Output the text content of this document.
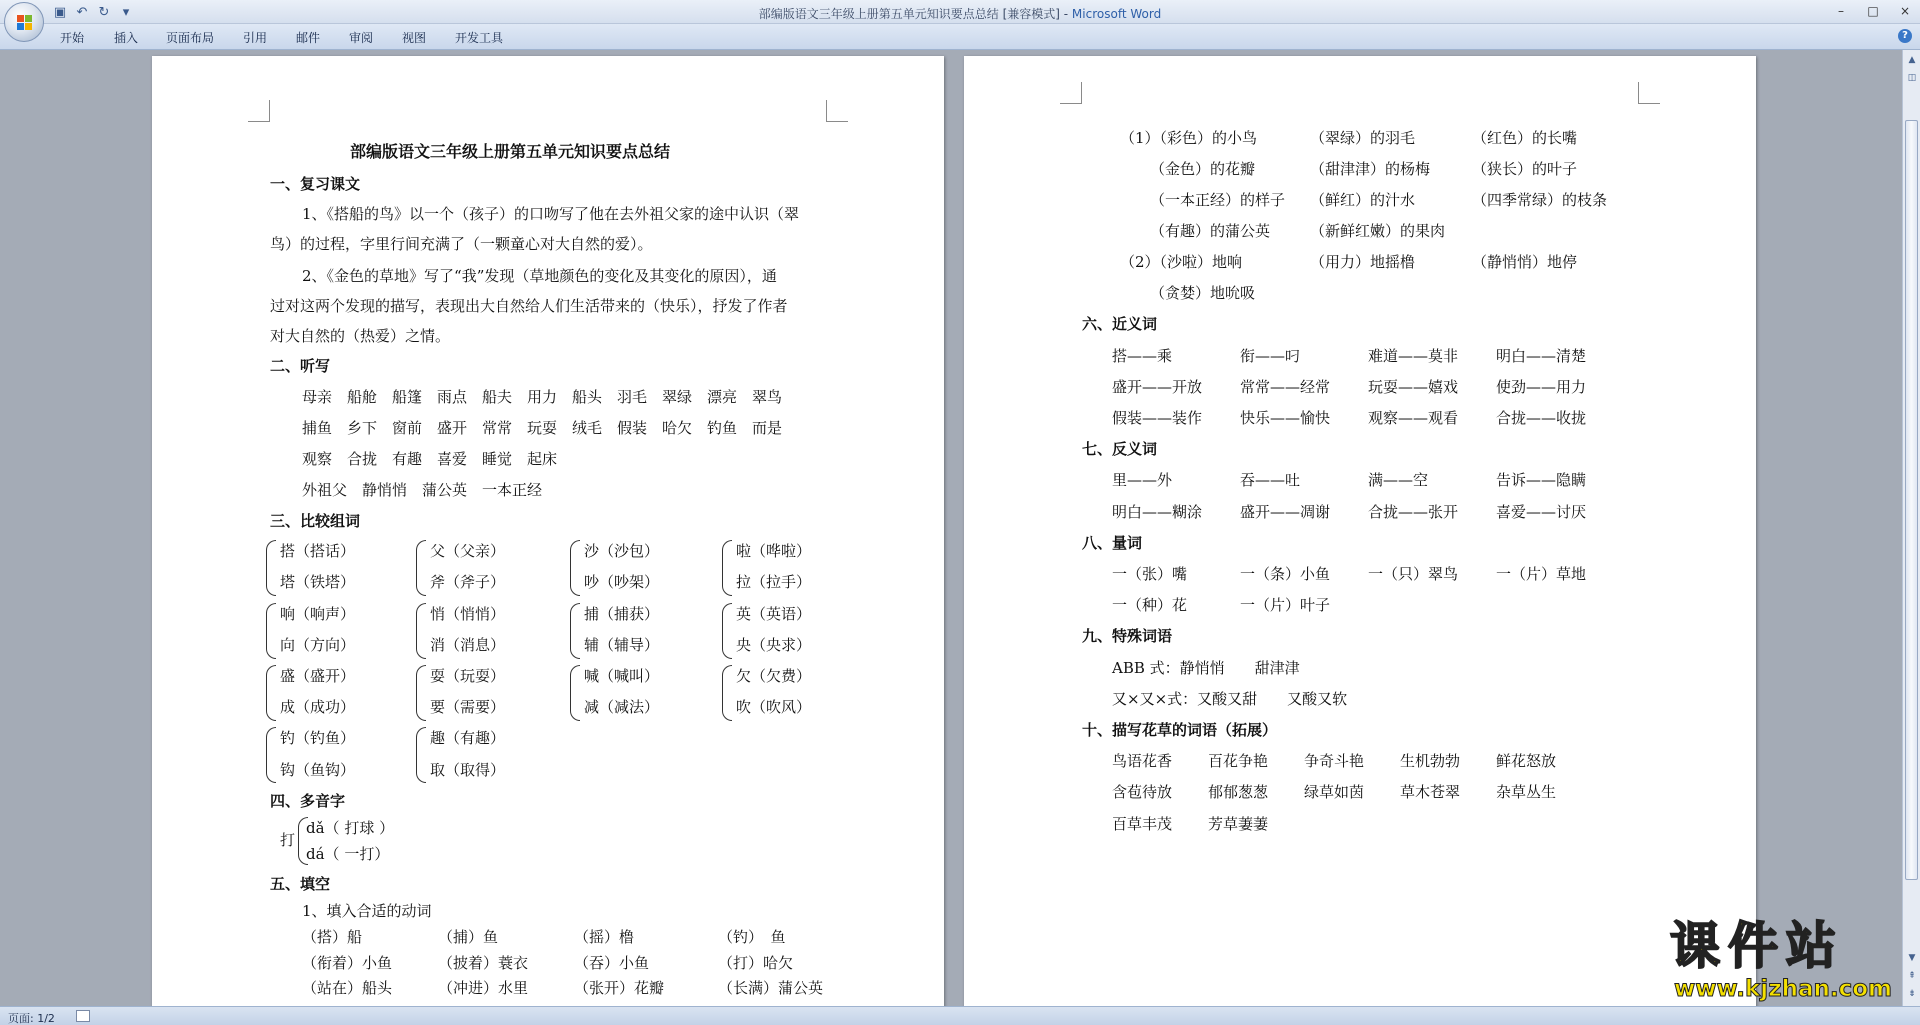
▣ ↶ ↻	▾	部编版语文三年级上册第五单元知识要点总结 [兼容模式] - Microsoft Word	–	□	×
开始 插入 页面布局 引用 邮件 审阅 视图 开发工具	?
部编版语文三年级上册第五单元知识要点总结
一、复习课文
1、《搭船的鸟》以一个（孩子）的口吻写了他在去外祖父家的途中认识（翠
鸟）的过程，字里行间充满了（一颗童心对大自然的爱）。
2、《金色的草地》写了“我”发现（草地颜色的变化及其变化的原因），通
过对这两个发现的描写，表现出大自然给人们生活带来的（快乐），抒发了作者
对大自然的（热爱）之情。
二、听写
母亲　船舱　船篷　雨点　船夫　用力　船头　羽毛　翠绿　漂亮　翠鸟
捕鱼　乡下　窗前　盛开　常常　玩耍　绒毛　假装　哈欠　钓鱼　而是
观察　合拢　有趣　喜爱　睡觉　起床
外祖父　静悄悄　蒲公英　一本正经
三、比较组词
搭（搭话）	父（父亲）	沙（沙包）	啦（哗啦）
塔（铁塔）	斧（斧子）	吵（吵架）	拉（拉手）
响（响声）	悄（悄悄）	捕（捕获）	英（英语）
向（方向）	消（消息）	辅（辅导）	央（央求）
盛（盛开）	耍（玩耍）	喊（喊叫）	欠（欠费）
成（成功）	要（需要）	减（减法）	吹（吹风）
钓（钓鱼）	趣（有趣）
钩（鱼钩）	取（取得）
四、多音字
打
dǎ（ 打球 ）
dá（ 一打）
五、填空
1、填入合适的动词
（搭）船	（捕）鱼	（摇）橹	（钓）　鱼
（衔着）小鱼	（披着）蓑衣	（吞）小鱼	（打）哈欠
（站在）船头	（冲进）水里	（张开）花瓣	（长满）蒲公英
（1）（彩色）的小鸟	（翠绿）的羽毛	（红色）的长嘴
（金色）的花瓣	（甜津津）的杨梅	（狭长）的叶子
（一本正经）的样子 （鲜红）的汁水	（四季常绿）的枝条
（有趣）的蒲公英	（新鲜红嫩）的果肉
（2）（沙啦）地响	（用力）地摇橹	（静悄悄）地停
（贪婪）地吮吸
六、近义词
搭——乘	衔——叼	难道——莫非	明白——清楚
盛开——开放	常常——经常	玩耍——嬉戏	使劲——用力
假装——装作	快乐——愉快	观察——观看	合拢——收拢
七、反义词
里——外	吞——吐	满——空	告诉——隐瞒
明白——糊涂	盛开——凋谢	合拢——张开	喜爱——讨厌
八、量词
一（张）嘴	一（条）小鱼	一（只）翠鸟	一（片）草地
一（种）花	一（片）叶子
九、特殊词语
ABB 式：静悄悄　　甜津津
又×又×式：又酸又甜　　又酸又软
十、描写花草的词语（拓展）
鸟语花香 百花争艳 争奇斗艳 生机勃勃 鲜花怒放
含苞待放 郁郁葱葱 绿草如茵 草木苍翠 杂草丛生
百草丰茂 芳草萋萋
▲
◫
▼
⇞
⇟
页面: 1/2
课件站
www.kjzhan.com
